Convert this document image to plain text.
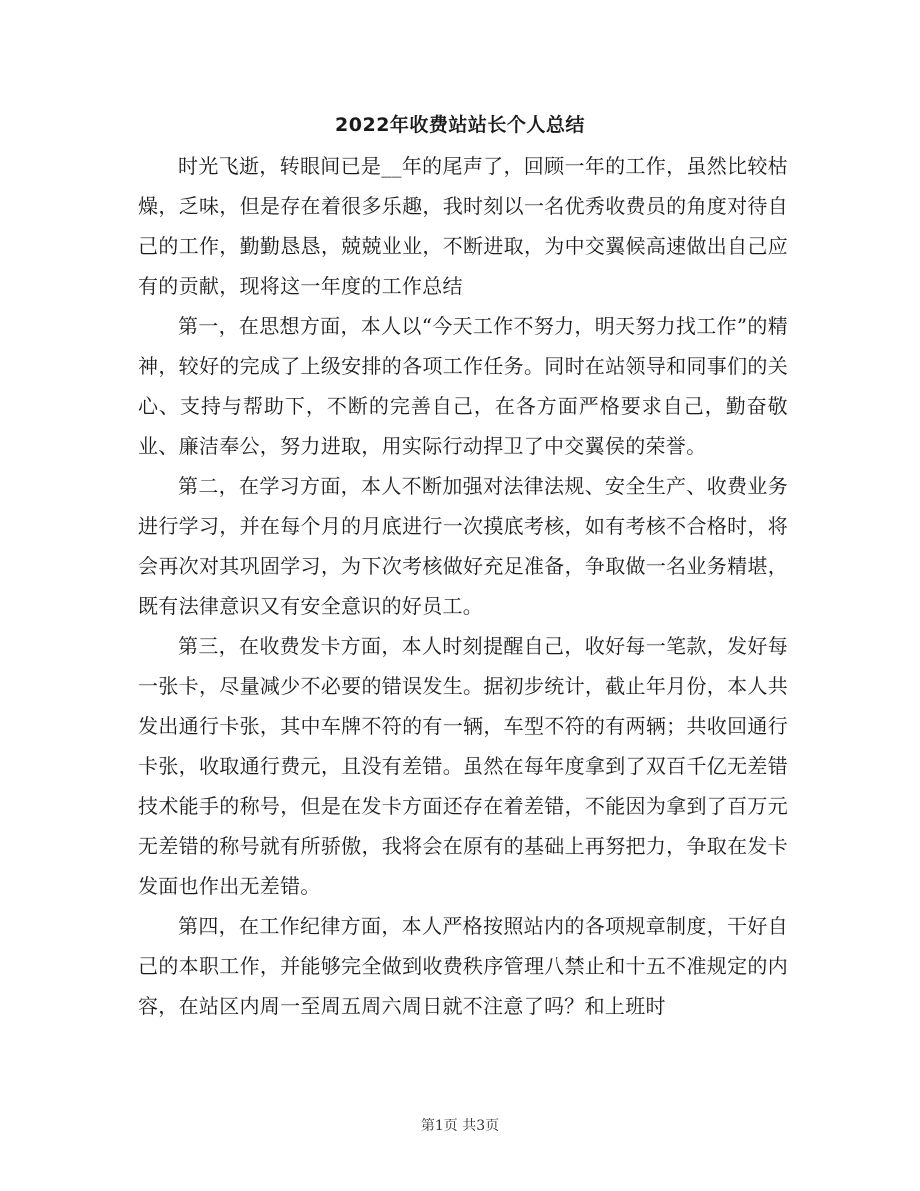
2022年收费站站长个人总结

时光飞逝，转眼间已是__年的尾声了，回顾一年的工作，虽然比较枯燥，乏味，但是存在着很多乐趣，我时刻以一名优秀收费员的角度对待自己的工作，勤勤恳恳，兢兢业业，不断进取，为中交翼候高速做出自己应有的贡献，现将这一年度的工作总结

第一，在思想方面，本人以“今天工作不努力，明天努力找工作”的精神，较好的完成了上级安排的各项工作任务。同时在站领导和同事们的关心、支持与帮助下，不断的完善自己，在各方面严格要求自己，勤奋敬业、廉洁奉公，努力进取，用实际行动捍卫了中交翼侯的荣誉。

第二，在学习方面，本人不断加强对法律法规、安全生产、收费业务进行学习，并在每个月的月底进行一次摸底考核，如有考核不合格时，将会再次对其巩固学习，为下次考核做好充足准备，争取做一名业务精堪，既有法律意识又有安全意识的好员工。

第三，在收费发卡方面，本人时刻提醒自己，收好每一笔款，发好每一张卡，尽量减少不必要的错误发生。据初步统计，截止年月份，本人共发出通行卡张，其中车牌不符的有一辆，车型不符的有两辆；共收回通行卡张，收取通行费元，且没有差错。虽然在每年度拿到了双百千亿无差错技术能手的称号，但是在发卡方面还存在着差错，不能因为拿到了百万元无差错的称号就有所骄傲，我将会在原有的基础上再努把力，争取在发卡发面也作出无差错。

第四，在工作纪律方面，本人严格按照站内的各项规章制度，干好自己的本职工作，并能够完全做到收费秩序管理八禁止和十五不准规定的内容，在站区内周一至周五周六周日就不注意了吗？和上班时

第1页 共3页
